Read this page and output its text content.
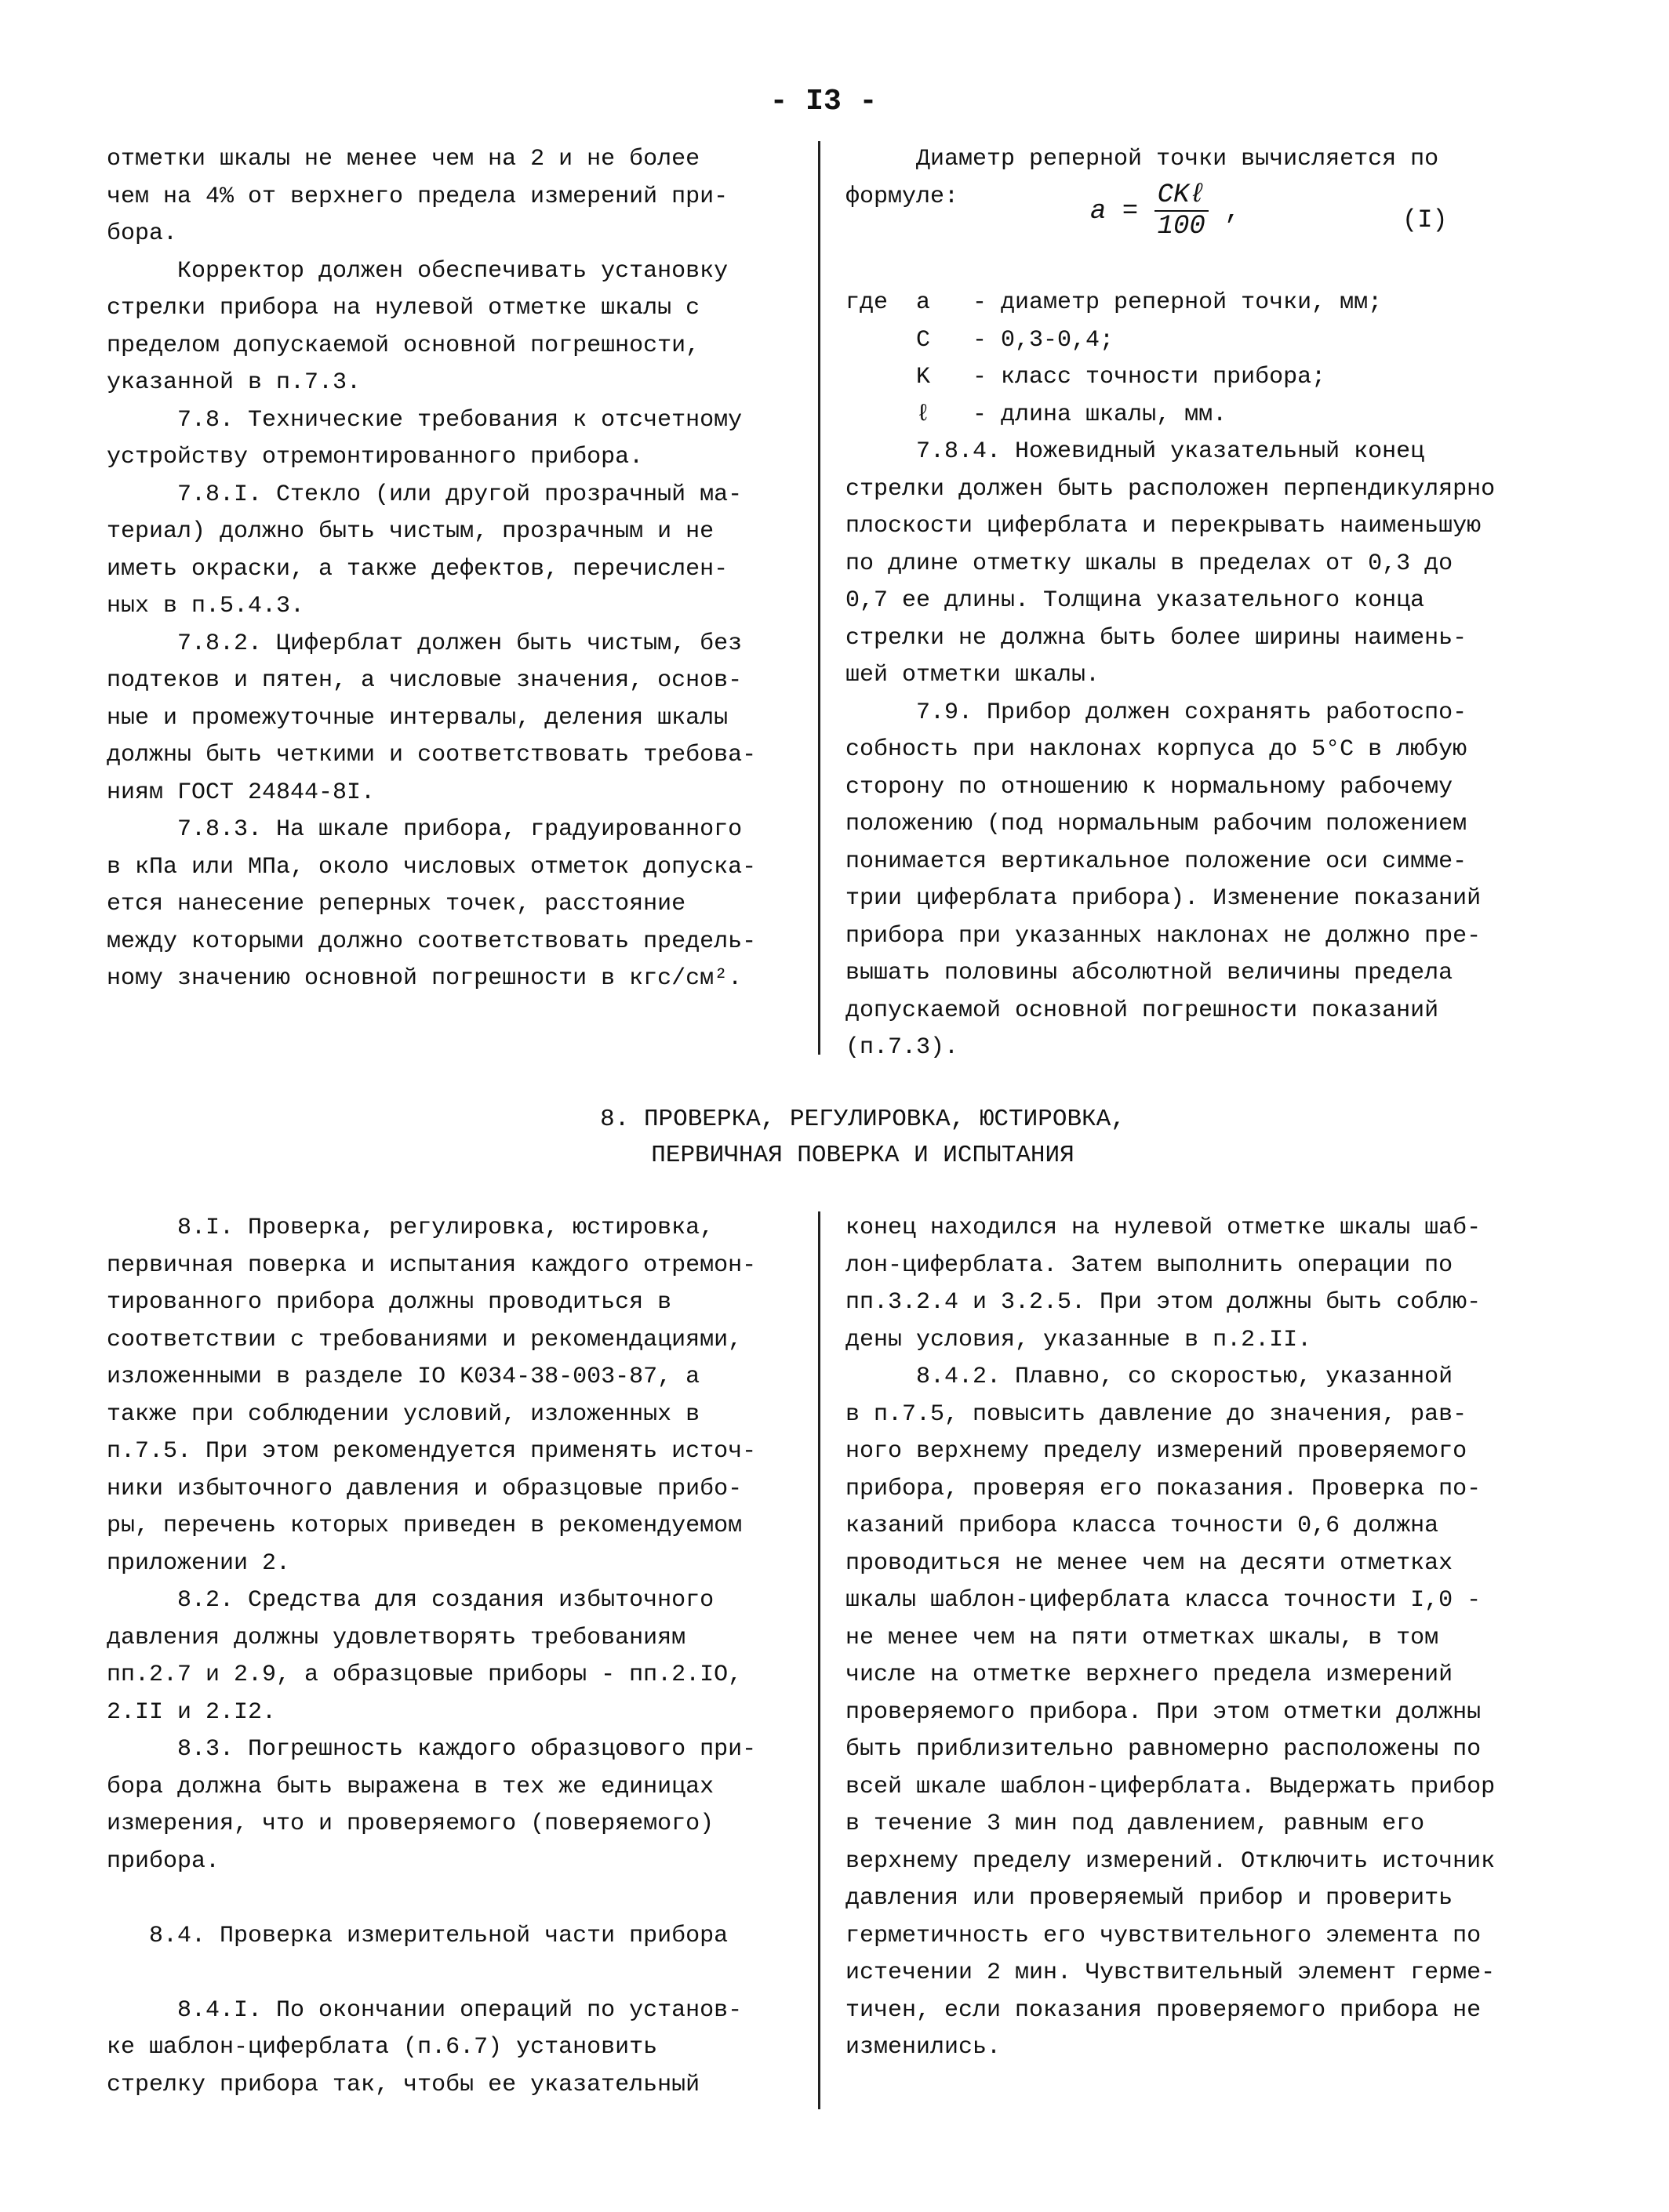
- I3 -

отметки шкалы не менее чем на 2 и не более

чем на 4% от верхнего предела измерений при-

бора.

Корректор должен обеспечивать установку

стрелки прибора на нулевой отметке шкалы с

пределом допускаемой основной погрешности,

указанной в п.7.3.

7.8. Технические требования к отсчетному

устройству отремонтированного прибора.

7.8.I. Стекло (или другой прозрачный ма-

териал) должно быть чистым, прозрачным и не

иметь окраски, а также дефектов, перечислен-

ных в п.5.4.3.

7.8.2. Циферблат должен быть чистым, без

подтеков и пятен, а числовые значения, основ-

ные и промежуточные интервалы, деления шкалы

должны быть четкими и соответствовать требова-

ниям ГОСТ 24844-8I.

7.8.3. На шкале прибора, градуированного

в кПа или МПа, около числовых отметок допуска-

ется нанесение реперных точек, расстояние

между которыми должно соответствовать предель-

ному значению основной погрешности в кгс/см².

Диаметр реперной точки вычисляется по

формуле:

где  a   - диаметр реперной точки, мм;

C   - 0,3-0,4;

K   - класс точности прибора;

ℓ   - длина шкалы, мм.

7.8.4. Ножевидный указательный конец

стрелки должен быть расположен перпендикулярно

плоскости циферблата и перекрывать наименьшую

по длине отметку шкалы в пределах от 0,3 до

0,7 ее длины. Толщина указательного конца

стрелки не должна быть более ширины наимень-

шей отметки шкалы.

7.9. Прибор должен сохранять работоспо-

собность при наклонах корпуса до 5°С в любую

сторону по отношению к нормальному рабочему

положению (под нормальным рабочим положением

понимается вертикальное положение оси симме-

трии циферблата прибора). Изменение показаний

прибора при указанных наклонах не должно пре-

вышать половины абсолютной величины предела

допускаемой основной погрешности показаний

(п.7.3).

$a = \frac{\text{CKℓ}}{100}$ ,	(I)
8. ПРОВЕРКА, РЕГУЛИРОВКА, ЮСТИРОВКА,
ПЕРВИЧНАЯ ПОВЕРКА И ИСПЫТАНИЯ

8.I. Проверка, регулировка, юстировка,

первичная поверка и испытания каждого отремон-

тированного прибора должны проводиться в

соответствии с требованиями и рекомендациями,

изложенными в разделе IO K034-38-003-87, а

также при соблюдении условий, изложенных в

п.7.5. При этом рекомендуется применять источ-

ники избыточного давления и образцовые прибо-

ры, перечень которых приведен в рекомендуемом

приложении 2.

8.2. Средства для создания избыточного

давления должны удовлетворять требованиям

пп.2.7 и 2.9, а образцовые приборы - пп.2.IO,

2.II и 2.I2.

8.3. Погрешность каждого образцового при-

бора должна быть выражена в тех же единицах

измерения, что и проверяемого (поверяемого)

прибора.

8.4. Проверка измерительной части прибора

8.4.I. По окончании операций по установ-

ке шаблон-циферблата (п.6.7) установить

стрелку прибора так, чтобы ее указательный

конец находился на нулевой отметке шкалы шаб-

лон-циферблата. Затем выполнить операции по

пп.3.2.4 и 3.2.5. При этом должны быть соблю-

дены условия, указанные в п.2.II.

8.4.2. Плавно, со скоростью, указанной

в п.7.5, повысить давление до значения, рав-

ного верхнему пределу измерений проверяемого

прибора, проверяя его показания. Проверка по-

казаний прибора класса точности 0,6 должна

проводиться не менее чем на десяти отметках

шкалы шаблон-циферблата класса точности I,0 -

не менее чем на пяти отметках шкалы, в том

числе на отметке верхнего предела измерений

проверяемого прибора. При этом отметки должны

быть приблизительно равномерно расположены по

всей шкале шаблон-циферблата. Выдержать прибор

в течение 3 мин под давлением, равным его

верхнему пределу измерений. Отключить источник

давления или проверяемый прибор и проверить

герметичность его чувствительного элемента по

истечении 2 мин. Чувствительный элемент герме-

тичен, если показания проверяемого прибора не

изменились.
